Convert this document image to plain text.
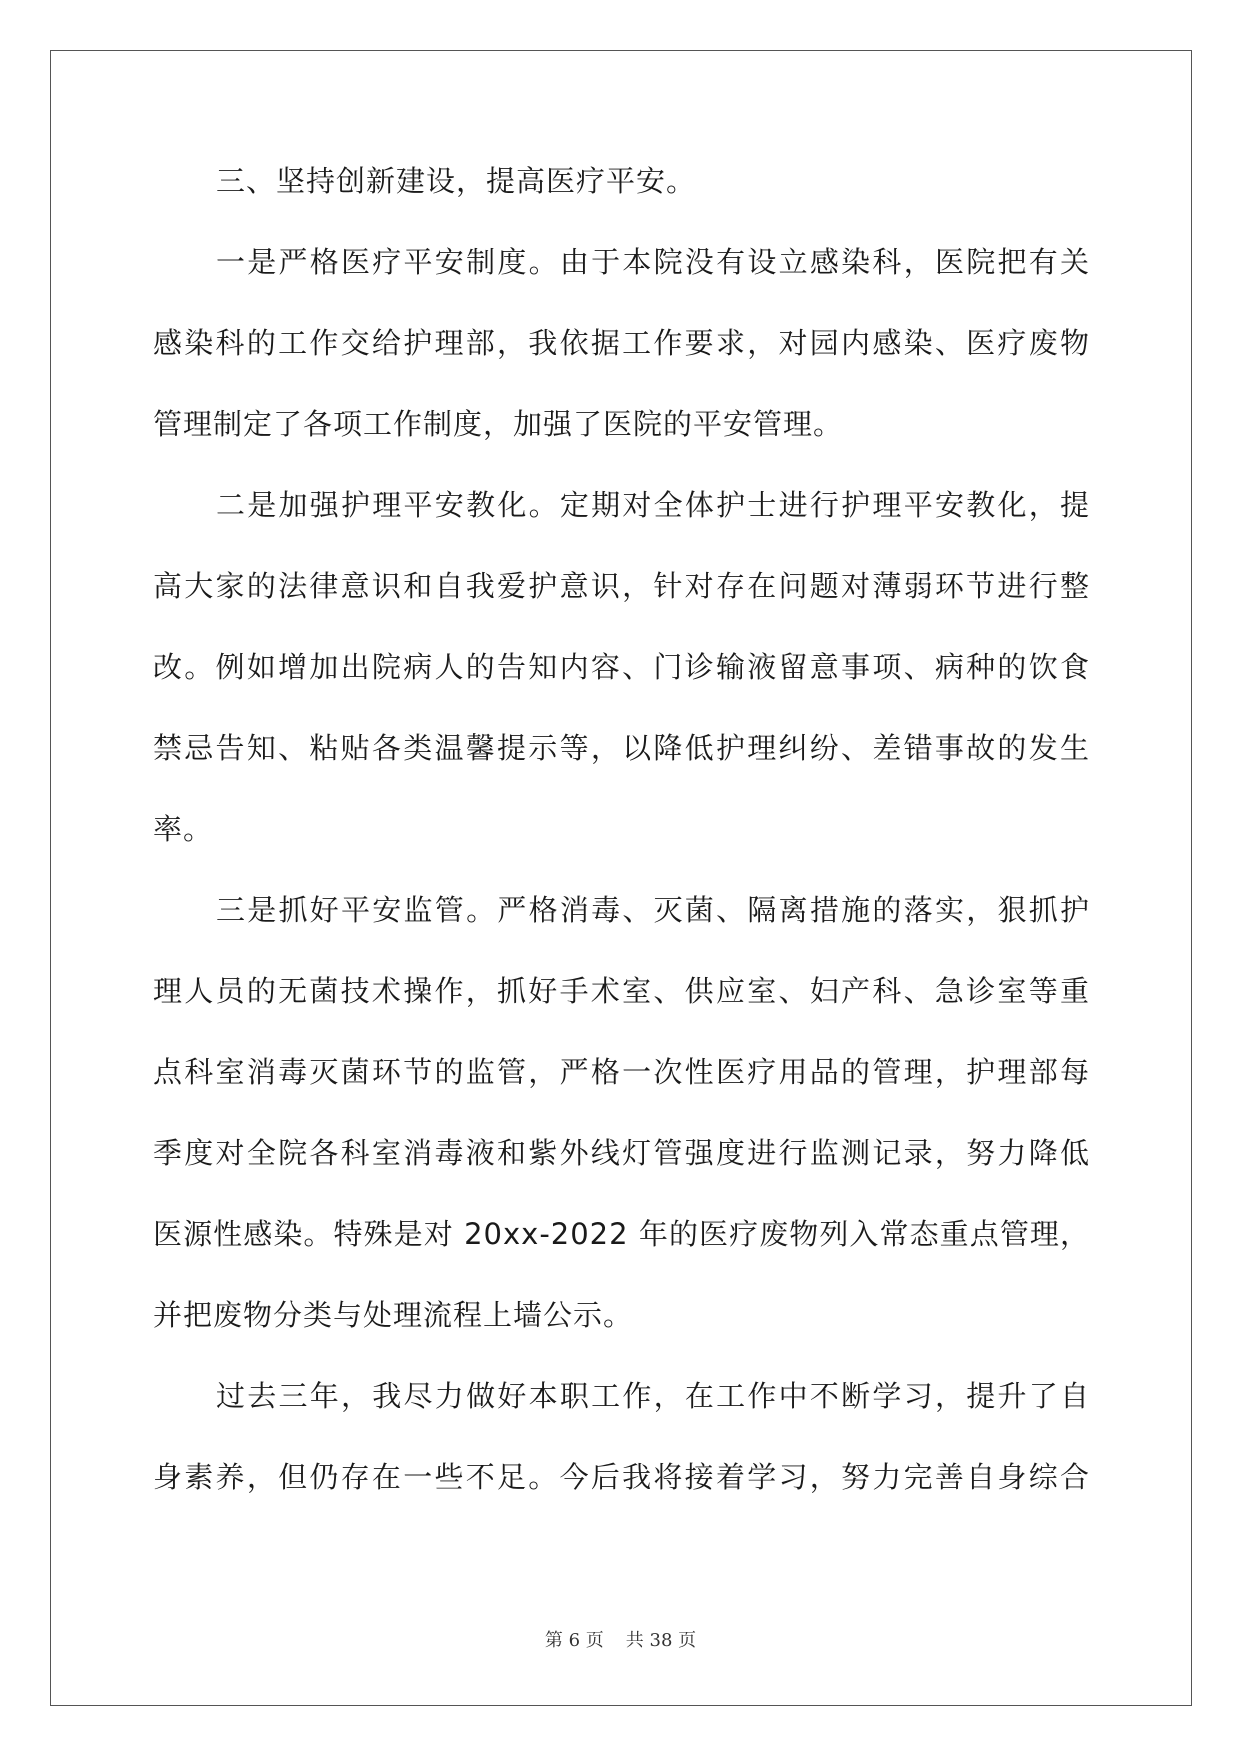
三、坚持创新建设，提高医疗平安。
一是严格医疗平安制度。由于本院没有设立感染科，医院把有关
感染科的工作交给护理部，我依据工作要求，对园内感染、医疗废物
管理制定了各项工作制度，加强了医院的平安管理。
二是加强护理平安教化。定期对全体护士进行护理平安教化，提
高大家的法律意识和自我爱护意识，针对存在问题对薄弱环节进行整
改。例如增加出院病人的告知内容、门诊输液留意事项、病种的饮食
禁忌告知、粘贴各类温馨提示等，以降低护理纠纷、差错事故的发生
率。
三是抓好平安监管。严格消毒、灭菌、隔离措施的落实，狠抓护
理人员的无菌技术操作，抓好手术室、供应室、妇产科、急诊室等重
点科室消毒灭菌环节的监管，严格一次性医疗用品的管理，护理部每
季度对全院各科室消毒液和紫外线灯管强度进行监测记录，努力降低
医源性感染。特殊是对 20xx-2022 年的医疗废物列入常态重点管理，
并把废物分类与处理流程上墙公示。
过去三年，我尽力做好本职工作，在工作中不断学习，提升了自
身素养，但仍存在一些不足。今后我将接着学习，努力完善自身综合
第 6 页 共 38 页
